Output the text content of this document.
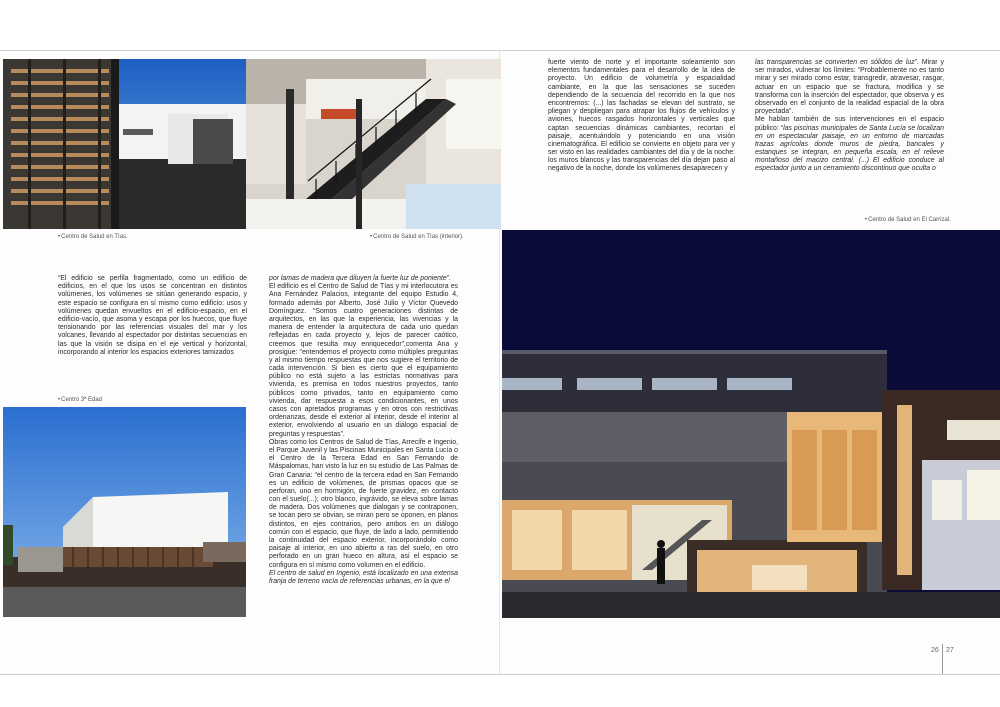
• Centro de Salud en Tías.
•	Centro de Salud en Tías (interior).

fuerte viento de norte y el importante soleamiento son elementos fundamentales para el desarrollo de la idea de proyecto. Un edificio de volumetría y espacialidad cambiante, en la que las sensaciones se suceden dependiendo de la secuencia del recorrido en la que nos encontremos: (...) las fachadas se elevan del sustrato, se pliegan y despliegan para atrapar los flujos de vehículos y aviones, huecos rasgados horizontales y verticales que captan secuencias dinámicas cambiantes, recortan el paisaje, acentuándolo y potenciando en una visión cinematográfica. El edificio se convierte en objeto para ver y ser visto en las realidades cambiantes del día y de la noche: los muros blancos y las transparencias del día dejan paso al negativo de la noche, donde los volúmenes desaparecen y

las transparencias se convierten en sólidos de luz”. Mirar y ser mirados, vulnerar los límites: “Probablemente no es tanto mirar y ser mirado como estar, transgredir, atravesar, rasgar, actuar en un espacio que se fractura, modifica y se transforma con la inserción del espectador, que observa y es observado en el conjunto de la realidad espacial de la obra proyectada”.

Me hablan también de sus intervenciones en el espacio público: “las piscinas municipales de Santa Lucía se localizan en un espectacular paisaje, en un entorno de marcadas trazas agrícolas donde muros de piedra, bancales y estanques se integran, en pequeña escala, en el relieve montañoso del macizo central. (...) El edificio conduce al espectador junto a un cerramiento discontinuo que oculta o

• Centro de Salud en El Carrizal.

“El edificio se perfila fragmentado, como un edificio de edificios, en el que los usos se concentran en distintos volúmenes, los volúmenes se sitúan generando espacio, y este espacio se configura en sí mismo como edificio: usos y volúmenes quedan envueltos en el edificio-espacio, en el edificio-vacío, que asoma y escapa por los huecos, que fluye tensionando por las referencias visuales del mar y los volcanes, llevando al espectador por distintas secuencias en las que la visión se disipa en el eje vertical y horizontal, incorporando al interior los espacios exteriores tamizados

• Centro 3ª Edad

por lamas de madera que diluyen la fuerte luz de poniente”.

El edificio es el Centro de Salud de Tías y mi interlocutora es Ana Fernández Palacios, integrante del equipo Estudio 4, formado además por Alberto, José Julio y Víctor Quevedo Domínguez. “Somos cuatro generaciones distintas de arquitectos, en las que la experiencia, las vivencias y la manera de entender la arquitectura de cada uno quedan reflejadas en cada proyecto y, lejos de parecer caótico, creemos que resulta muy enriquecedor”,comenta Ana y prosigue: “entendemos el proyecto como múltiples preguntas y al mismo tiempo respuestas que nos sugiere el territorio de cada intervención. Si bien es cierto que el equipamiento público no está sujeto a las estrictas normativas para vivienda, es premisa en todos nuestros proyectos, tanto públicos como privados, tanto en equipamiento como vivienda, dar respuesta a esos condicionantes, en unos casos con apretados programas y en otros con restrictivas ordenanzas, desde el exterior al interior, desde el interior al exterior, envolviendo al usuario en un diálogo espacial de preguntas y respuestas”.

Obras como los Centros de Salud de Tías, Arrecife e Ingenio, el Parque Juvenil y las Piscinas Municipales en Santa Lucía o el Centro de la Tercera Edad en San Fernando de Máspalomas, han visto la luz en su estudio de Las Palmas de Gran Canaria: “el centro de la tercera edad en San Fernando es un edificio de volúmenes, de prismas opacos que se perforan, uno en hormigón, de fuerte gravidez, en contacto con el suelo(...); otro blanco, ingrávido, se eleva sobre lamas de madera. Dos volúmenes que dialogan y se contraponen, se tocan pero se obvian, se miran pero se oponen, en planos distintos, en ejes contrarios, pero ambos en un diálogo común con el espacio, que fluye, de lado a lado, permitiendo la continuidad del espacio exterior, incorporándolo como paisaje al interior, en uno abierto a ras del suelo, en otro perforado en un gran hueco en altura, así el espacio se configura en sí mismo como volumen en el edificio.

El centro de salud en Ingenio, está localizado en una extensa franja de terreno vacía de referencias urbanas, en la que el

26 27
